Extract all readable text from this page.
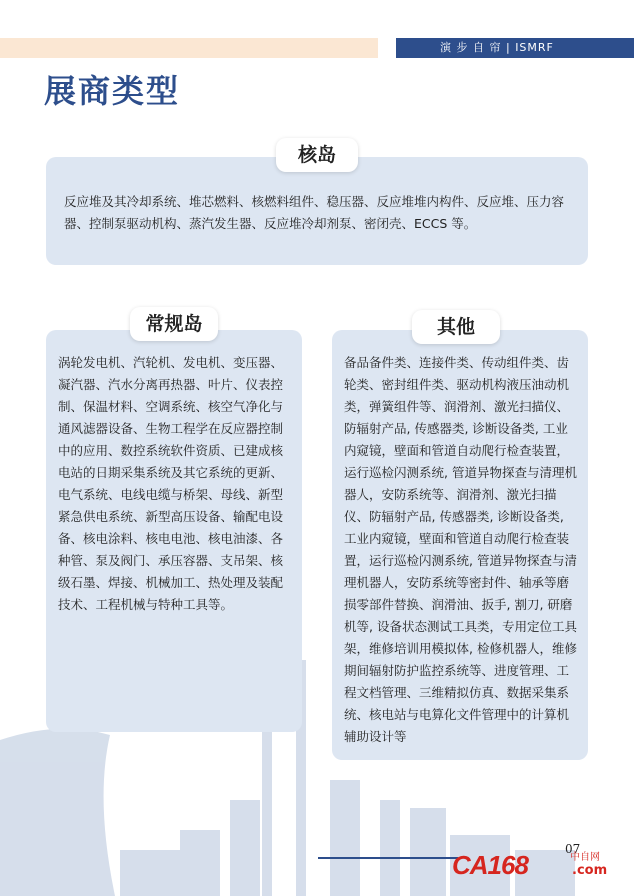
演 步 自 帘 | ISMRF
展商类型
反应堆及其冷却系统、堆芯燃料、核燃料组件、稳压器、反应堆堆内构件、反应堆、压力容器、控制泵驱动机构、蒸汽发生器、反应堆冷却剂泵、密闭壳、ECCS 等。
核岛
涡轮发电机、汽轮机、发电机、变压器、凝汽器、汽水分离再热器、叶片、仪表控制、保温材料、空调系统、核空气净化与通风滤器设备、生物工程学在反应器控制中的应用、数控系统软件资质、已建成核电站的日期采集系统及其它系统的更新、电气系统、电线电缆与桥架、母线、新型紧急供电系统、新型高压设备、输配电设备、核电涂料、核电电池、核电油漆、各种管、泵及阀门、承压容器、支吊架、核级石墨、焊接、机械加工、热处理及装配技术、工程机械与特种工具等。
常规岛
备品备件类、连接件类、传动组件类、齿轮类、密封组件类、驱动机构液压油动机类，弹簧组件等、润滑剂、激光扫描仪、防辐射产品, 传感器类, 诊断设备类, 工业内窥镜，壁面和管道自动爬行检查装置，运行巡检闪测系统, 管道异物探查与清理机器人，安防系统等、润滑剂、激光扫描仪、防辐射产品, 传感器类, 诊断设备类, 工业内窥镜，壁面和管道自动爬行检查装置，运行巡检闪测系统, 管道异物探查与清理机器人，安防系统等密封件、轴承等磨损零部件替换、润滑油、扳手, 割刀, 研磨机等, 设备状态测试工具类，专用定位工具架，维修培训用模拟体, 检修机器人，维修期间辐射防护监控系统等、进度管理、工程文档管理、三维精拟仿真、数据采集系统、核电站与电算化文件管理中的计算机辅助设计等
其他
07
CA168	中自网
.com
